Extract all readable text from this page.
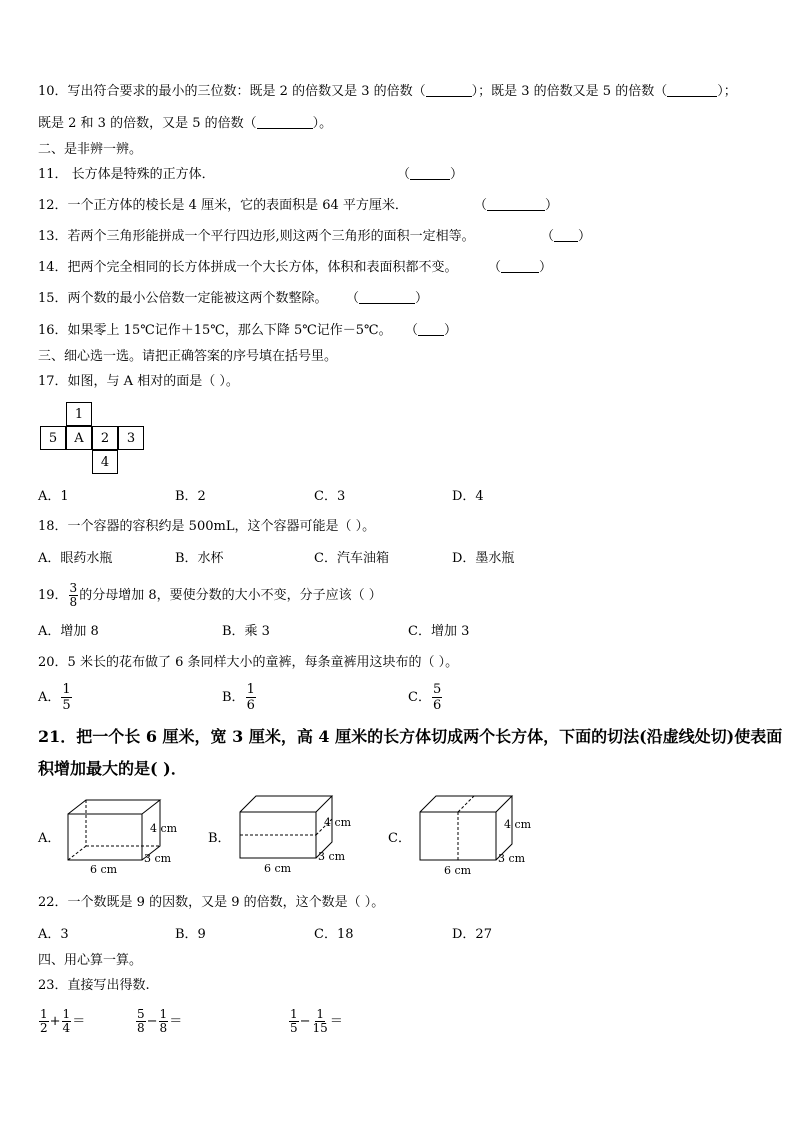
10．写出符合要求的最小的三位数：既是 2 的倍数又是 3 的倍数（	）；既是 3 的倍数又是 5 的倍数（	）；
既是 2 和 3 的倍数，又是 5 的倍数（	）。
二、是非辨一辨。
11． 长方体是特殊的正方体．	（	）
12．一个正方体的棱长是 4 厘米，它的表面积是 64 平方厘米．	（	）
13．若两个三角形能拼成一个平行四边形,则这两个三角形的面积一定相等。	（ ）
14．把两个完全相同的长方体拼成一个大长方体，体积和表面积都不变。 （	）
15．两个数的最小公倍数一定能被这两个数整除。 （	）
16．如果零上 15℃记作＋15℃，那么下降 5℃记作－5℃。 （ ）
三、细心选一选。请把正确答案的序号填在括号里。
17．如图，与 A 相对的面是（ ）。
1
5	A	2	3
4
A．1	B．2	C．3	D．4
18．一个容器的容积约是 500mL，这个容器可能是（ ）。
A．眼药水瓶	B．水杯	C．汽车油箱	D．墨水瓶
19． $\frac{3}{8}$ 的分母增加 8，要使分数的大小不变，分子应该（ ）
A．增加 8	B．乘 3	C．增加 3
20．5 米长的花布做了 6 条同样大小的童裤，每条童裤用这块布的（ ）。
A． $\frac{1}{5}$	B． $\frac{1}{6}$	C． $\frac{5}{6}$
21．把一个长 6 厘米，宽 3 厘米，高 4 厘米的长方体切成两个长方体，下面的切法(沿虚线处切)使表面
积增加最大的是( )．
A．
4 cm
3 cm
6 cm
B．
4 cm
3 cm
6 cm
C．
4 cm
3 cm
6 cm
22．一个数既是 9 的因数，又是 9 的倍数，这个数是（ ）。
A．3	B．9	C．18	D．27
四、用心算一算。
23．直接写出得数.
$\frac{1}{2} + \frac{1}{4}$ ＝	$\frac{5}{8} - \frac{1}{8}$ ＝	$\frac{1}{5} - \frac{1}{15}$ ＝
